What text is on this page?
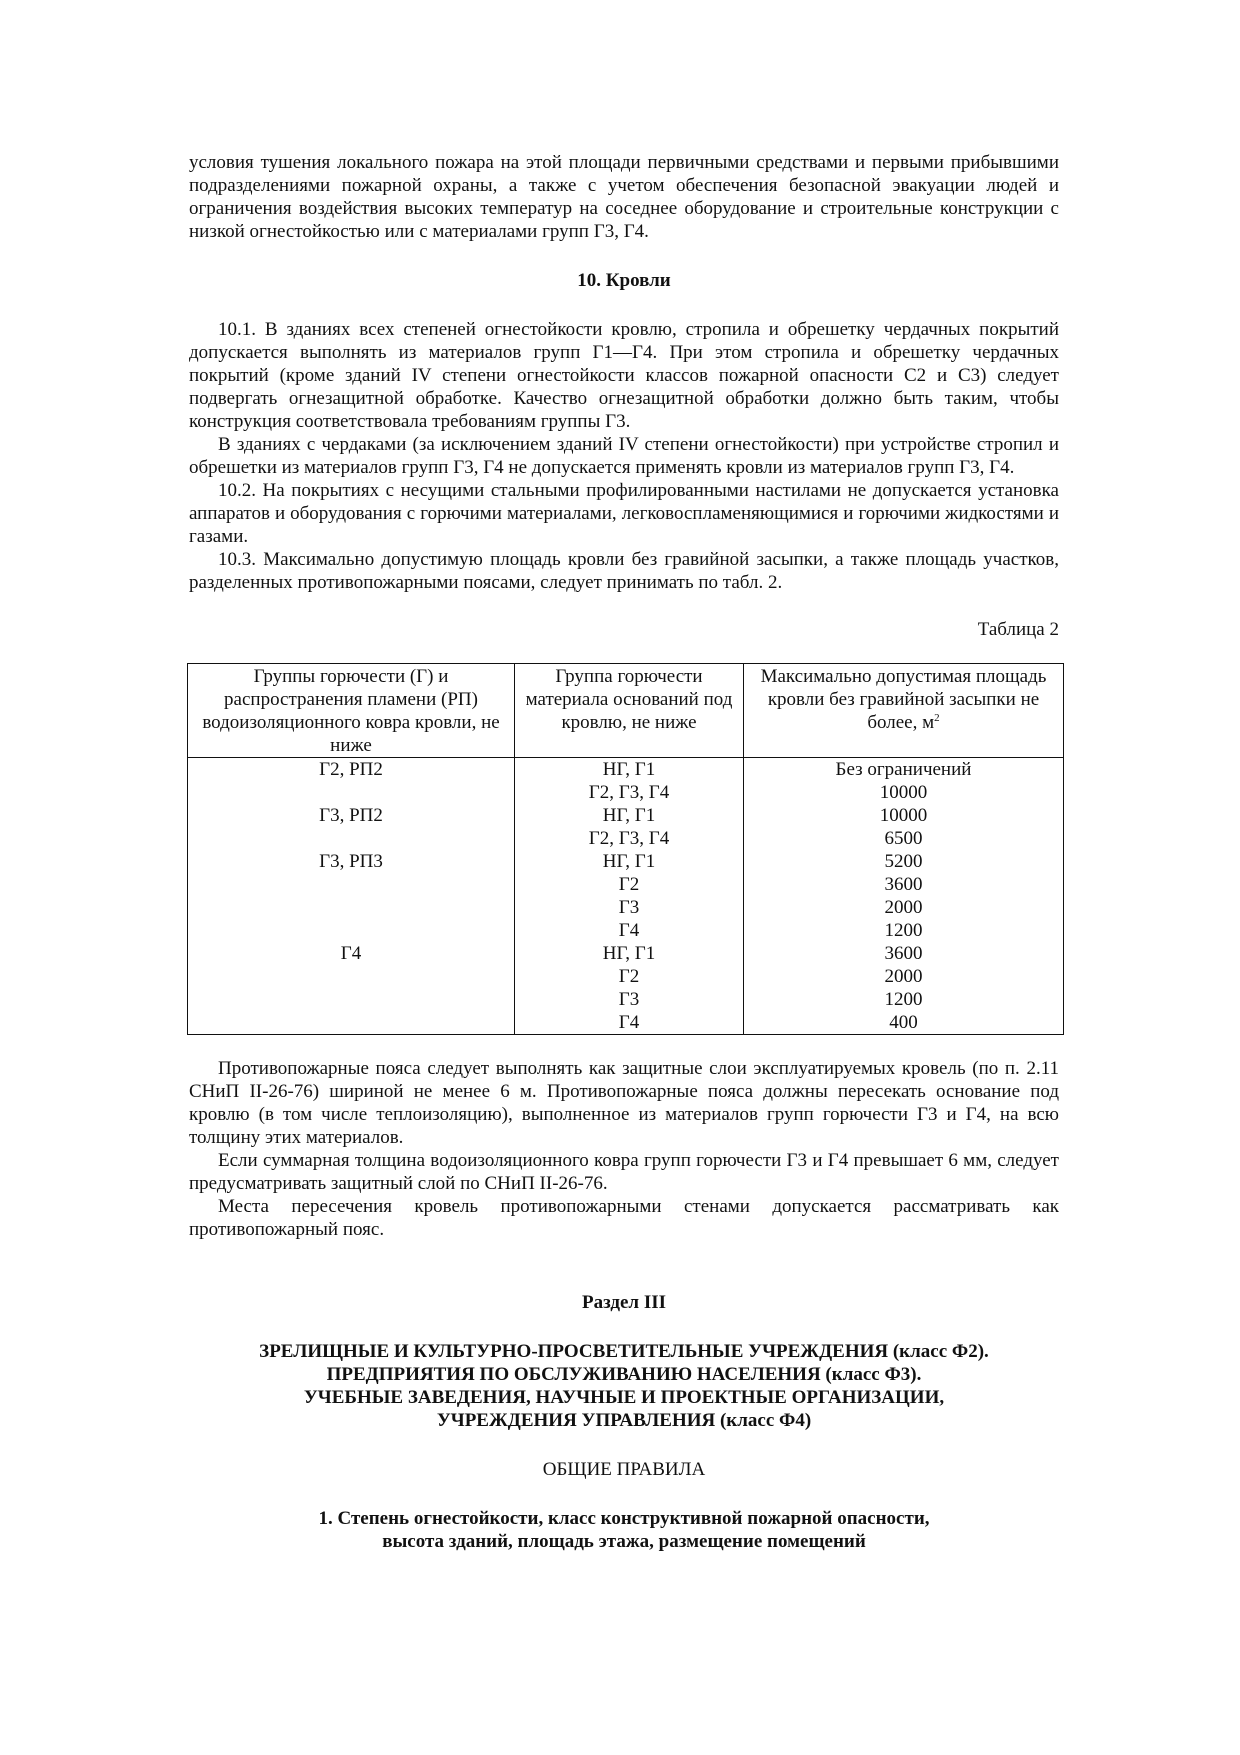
условия тушения локального пожара на этой площади первичными средствами и первыми прибывшими подразделениями пожарной охраны, а также с учетом обеспечения безопасной эвакуации людей и ограничения воздействия высоких температур на соседнее оборудование и строительные конструкции с низкой огнестойкостью или с материалами групп Г3, Г4.

10. Кровли

10.1. В зданиях всех степеней огнестойкости кровлю, стропила и обрешетку чердачных покрытий допускается выполнять из материалов групп Г1—Г4. При этом стропила и обрешетку чердачных покрытий (кроме зданий IV степени огнестойкости классов пожарной опасности С2 и С3) следует подвергать огнезащитной обработке. Качество огнезащитной обработки должно быть таким, чтобы конструкция соответствовала требованиям группы Г3.

В зданиях с чердаками (за исключением зданий IV степени огнестойкости) при устройстве стропил и обрешетки из материалов групп Г3, Г4 не допускается применять кровли из материалов групп Г3, Г4.

10.2. На покрытиях с несущими стальными профилированными настилами не допускается установка аппаратов и оборудования с горючими материалами, легковоспламеняющимися и горючими жидкостями и газами.

10.3. Максимально допустимую площадь кровли без гравийной засыпки, а также площадь участков, разделенных противопожарными поясами, следует принимать по табл. 2.

Таблица 2

Группы горючести (Г) и распространения пламени (РП) водоизоляционного ковра кровли, не ниже	Группа горючести материала оснований под кровлю, не ниже	Максимально допустимая площадь кровли без гравийной засыпки не более, $м^2$
Г2, РП2	НГ, Г1	Без ограничений
	Г2, Г3, Г4	10000
Г3, РП2	НГ, Г1	10000
	Г2, Г3, Г4	6500
Г3, РП3	НГ, Г1	5200
	Г2	3600
	Г3	2000
	Г4	1200
Г4	НГ, Г1	3600
	Г2	2000
	Г3	1200
	Г4	400

Противопожарные пояса следует выполнять как защитные слои эксплуатируемых кровель (по п. 2.11 СНиП II-26-76) шириной не менее 6 м. Противопожарные пояса должны пересекать основание под кровлю (в том числе теплоизоляцию), выполненное из материалов групп горючести Г3 и Г4, на всю толщину этих материалов.

Если суммарная толщина водоизоляционного ковра групп горючести Г3 и Г4 превышает 6 мм, следует предусматривать защитный слой по СНиП II-26-76.

Места пересечения кровель противопожарными стенами допускается рассматривать как противопожарный пояс.

Раздел III

ЗРЕЛИЩНЫЕ И КУЛЬТУРНО-ПРОСВЕТИТЕЛЬНЫЕ УЧРЕЖДЕНИЯ (класс Ф2).

ПРЕДПРИЯТИЯ ПО ОБСЛУЖИВАНИЮ НАСЕЛЕНИЯ (класс Ф3).

УЧЕБНЫЕ ЗАВЕДЕНИЯ, НАУЧНЫЕ И ПРОЕКТНЫЕ ОРГАНИЗАЦИИ,

УЧРЕЖДЕНИЯ УПРАВЛЕНИЯ (класс Ф4)

ОБЩИЕ ПРАВИЛА

1. Степень огнестойкости, класс конструктивной пожарной опасности,

высота зданий, площадь этажа, размещение помещений
